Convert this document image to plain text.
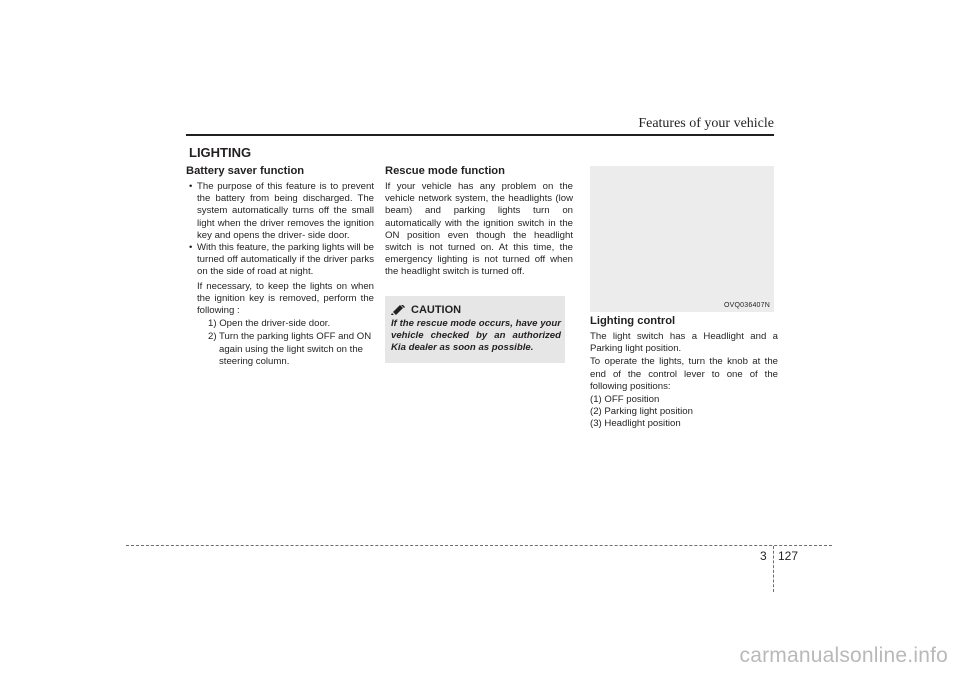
Features of your vehicle
LIGHTING
Battery saver function

• The purpose of this feature is to prevent the battery from being discharged. The system automatically turns off the small light when the driver removes the ignition key and opens the driver- side door.

• With this feature, the parking lights will be turned off automatically if the driver parks on the side of road at night.

If necessary, to keep the lights on when the ignition key is removed, perform the following :

1) Open the driver-side door.

2) Turn the parking lights OFF and ON again using the light switch on the steering column.

Rescue mode function

If your vehicle has any problem on the vehicle network system, the headlights (low beam) and parking lights turn on automatically with the ignition switch in the ON position even though the headlight switch is not turned on. At this time, the emergency lighting is not turned off when the headlight switch is turned off.

CAUTION
If the rescue mode occurs, have your vehicle checked by an authorized Kia dealer as soon as possible.
OVQ036407N
Lighting control

The light switch has a Headlight and a Parking light position.

To operate the lights, turn the knob at the end of the control lever to one of the following positions:

(1) OFF position

(2) Parking light position

(3) Headlight position

3 127
carmanualsonline.info
